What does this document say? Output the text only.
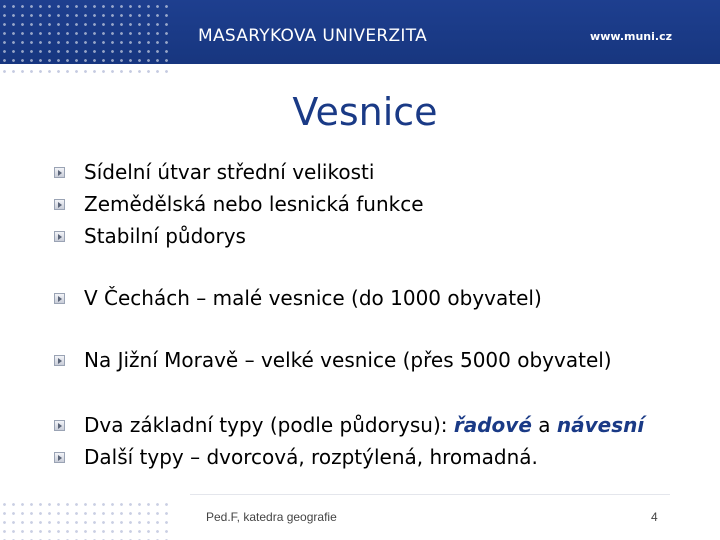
MASARYKOVA UNIVERZITA	www.muni.cz
Vesnice
Sídelní útvar střední velikosti
Zemědělská nebo lesnická funkce
Stabilní půdorys
V Čechách – malé vesnice (do 1000 obyvatel)
Na Jižní Moravě – velké vesnice (přes 5000 obyvatel)
Dva základní typy (podle půdorysu): řadové a návesní
Další typy – dvorcová, rozptýlená, hromadná.
Ped.F, katedra geografie	4
